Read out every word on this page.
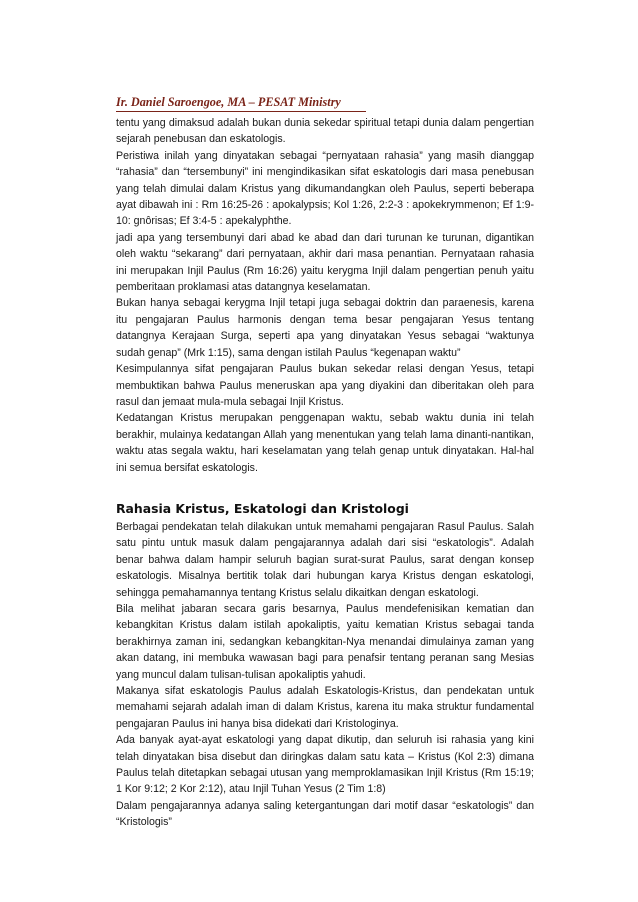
Ir. Daniel Saroengoe, MA – PESAT Ministry

tentu yang dimaksud adalah bukan dunia sekedar spiritual tetapi dunia dalam pengertian sejarah penebusan dan eskatologis.

Peristiwa inilah yang dinyatakan sebagai “pernyataan rahasia” yang masih dianggap “rahasia” dan “tersembunyi” ini mengindikasikan sifat eskatologis dari masa penebusan yang telah dimulai dalam Kristus yang dikumandangkan oleh Paulus, seperti beberapa ayat dibawah ini : Rm 16:25-26 : apokalypsis; Kol 1:26, 2:2-3 : apokekrymmenon; Ef 1:9-10: gnôrisas; Ef 3:4-5 : apekalyphthe.

jadi apa yang tersembunyi dari abad ke abad dan dari turunan ke turunan, digantikan oleh waktu “sekarang” dari pernyataan, akhir dari masa penantian. Pernyataan rahasia ini merupakan Injil Paulus (Rm 16:26) yaitu kerygma Injil dalam pengertian penuh yaitu pemberitaan proklamasi atas datangnya keselamatan.

Bukan hanya sebagai kerygma Injil tetapi juga sebagai doktrin dan paraenesis, karena itu pengajaran Paulus harmonis dengan tema besar pengajaran Yesus tentang datangnya Kerajaan Surga, seperti apa yang dinyatakan Yesus sebagai “waktunya sudah genap” (Mrk 1:15), sama dengan istilah Paulus “kegenapan waktu”

Kesimpulannya sifat pengajaran Paulus bukan sekedar relasi dengan Yesus, tetapi membuktikan bahwa Paulus meneruskan apa yang diyakini dan diberitakan oleh para rasul dan jemaat mula-mula sebagai Injil Kristus.

Kedatangan Kristus merupakan penggenapan waktu, sebab waktu dunia ini telah berakhir, mulainya kedatangan Allah yang menentukan yang telah lama dinanti-nantikan, waktu atas segala waktu, hari keselamatan yang telah genap untuk dinyatakan. Hal-hal ini semua bersifat eskatologis.

Rahasia Kristus, Eskatologi dan Kristologi

Berbagai pendekatan telah dilakukan untuk memahami pengajaran Rasul Paulus. Salah satu pintu untuk masuk dalam pengajarannya adalah dari sisi “eskatologis”. Adalah benar bahwa dalam hampir seluruh bagian surat-surat Paulus, sarat dengan konsep eskatologis. Misalnya bertitik tolak dari hubungan karya Kristus dengan eskatologi, sehingga pemahamannya tentang Kristus selalu dikaitkan dengan eskatologi.

Bila melihat jabaran secara garis besarnya, Paulus mendefenisikan kematian dan kebangkitan Kristus dalam istilah apokaliptis, yaitu kematian Kristus sebagai tanda berakhirnya zaman ini, sedangkan kebangkitan-Nya menandai dimulainya zaman yang akan datang, ini membuka wawasan bagi para penafsir tentang peranan sang Mesias yang muncul dalam tulisan-tulisan apokaliptis yahudi.

Makanya sifat eskatologis Paulus adalah Eskatologis-Kristus, dan pendekatan untuk memahami sejarah adalah iman di dalam Kristus, karena itu maka struktur fundamental pengajaran Paulus ini hanya bisa didekati dari Kristologinya.

Ada banyak ayat-ayat eskatologi yang dapat dikutip, dan seluruh isi rahasia yang kini telah dinyatakan bisa disebut dan diringkas dalam satu kata – Kristus (Kol 2:3) dimana Paulus telah ditetapkan sebagai utusan yang memproklamasikan Injil Kristus (Rm 15:19; 1 Kor 9:12; 2 Kor 2:12), atau Injil Tuhan Yesus (2 Tim 1:8)

Dalam pengajarannya adanya saling ketergantungan dari motif dasar “eskatologis” dan “Kristologis”
